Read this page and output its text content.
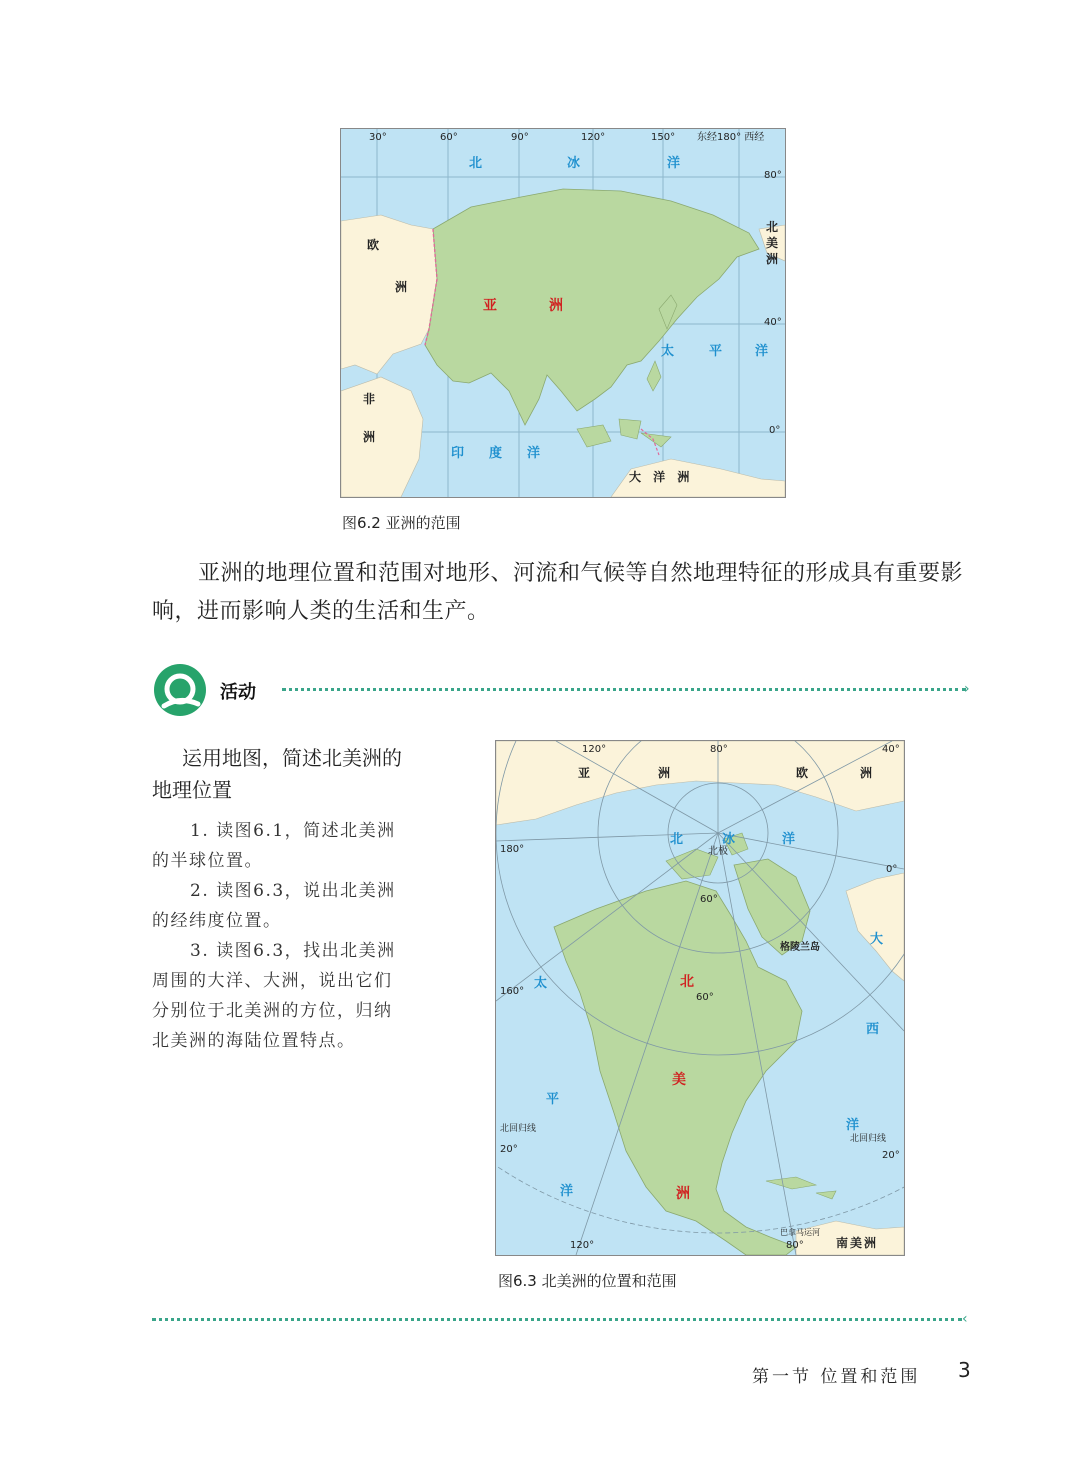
30°	60°	90°	120°	150° 东经180° 西经
80°
40°
0°
北	冰	洋
太	平	洋
印 度 洋
亚	洲
欧
洲
非
洲
北
美
洲
大 洋 洲
图6.2 亚洲的范围
亚洲的地理位置和范围对地形、河流和气候等自然地理特征的形成具有重要影响，进而影响人类的生活和生产。
活动	›
运用地图，简述北美洲的地理位置
1. 读图6.1，简述北美洲的半球位置。
2. 读图6.3，说出北美洲的经纬度位置。
3. 读图6.3，找出北美洲周围的大洋、大洲，说出它们分别位于北美洲的方位，归纳北美洲的海陆位置特点。
120°	80°	40°
180°
0°
60°
160°
20°
120°	80°
60°
20°
北回归线
北回归线
北极
北	冰	洋
太
平
洋
大
西
洋
北
美
洲
亚	洲	欧	洲
南美洲
格陵兰岛
巴拿马运河
图6.3 北美洲的位置和范围
‹
第一节 位置和范围 3
